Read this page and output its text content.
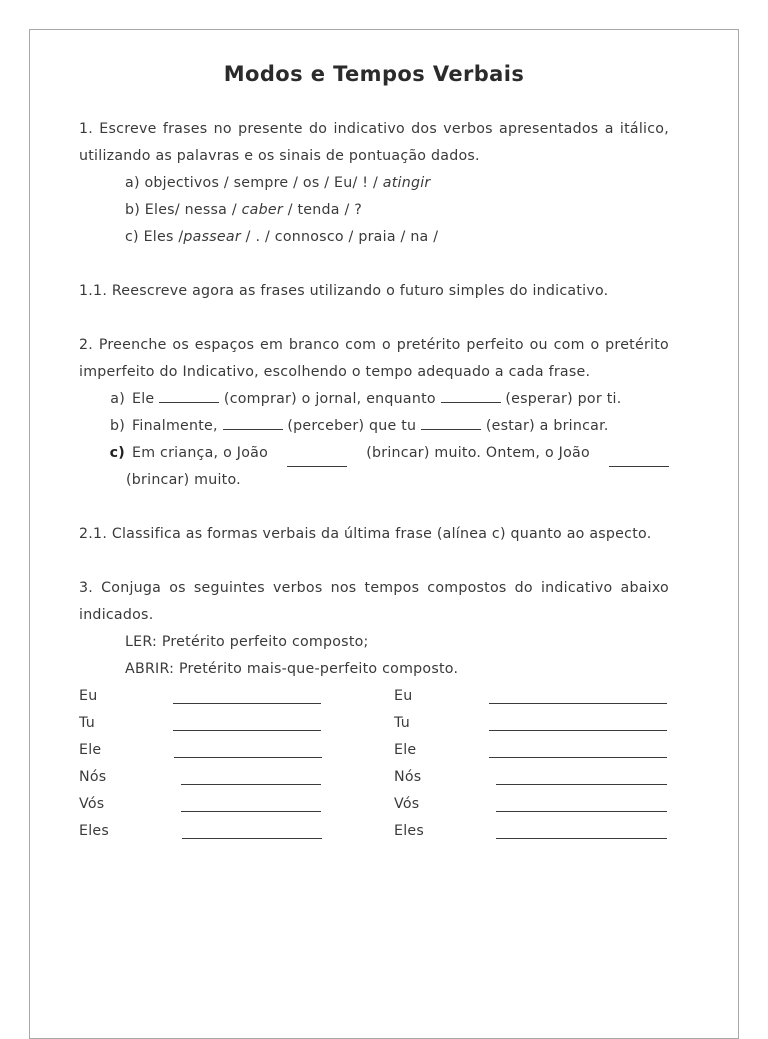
Modos e Tempos Verbais

1. Escreve frases no presente do indicativo dos verbos apresentados a itálico, utilizando as palavras e os sinais de pontuação dados.

a) objectivos / sempre / os / Eu/ ! / atingir

b) Eles/ nessa / caber / tenda / ?

c) Eles /passear / . / connosco / praia / na /

1.1. Reescreve agora as frases utilizando o futuro simples do indicativo.

2. Preenche os espaços em branco com o pretérito perfeito ou com o pretérito imperfeito do Indicativo, escolhendo o tempo adequado a cada frase.

a) Ele	(comprar) o jornal, enquanto	(esperar) por ti.
b) Finalmente,	(perceber) que tu	(estar) a brincar.
c) Em criança, o João	(brincar) muito. Ontem, o João
(brincar) muito.

2.1. Classifica as formas verbais da última frase (alínea c) quanto ao aspecto.

3. Conjuga os seguintes verbos nos tempos compostos do indicativo abaixo indicados.

LER: Pretérito perfeito composto;

ABRIR: Pretérito mais-que-perfeito composto.

Eu	Eu
Tu	Tu
Ele	Ele
Nós	Nós
Vós	Vós
Eles	Eles
